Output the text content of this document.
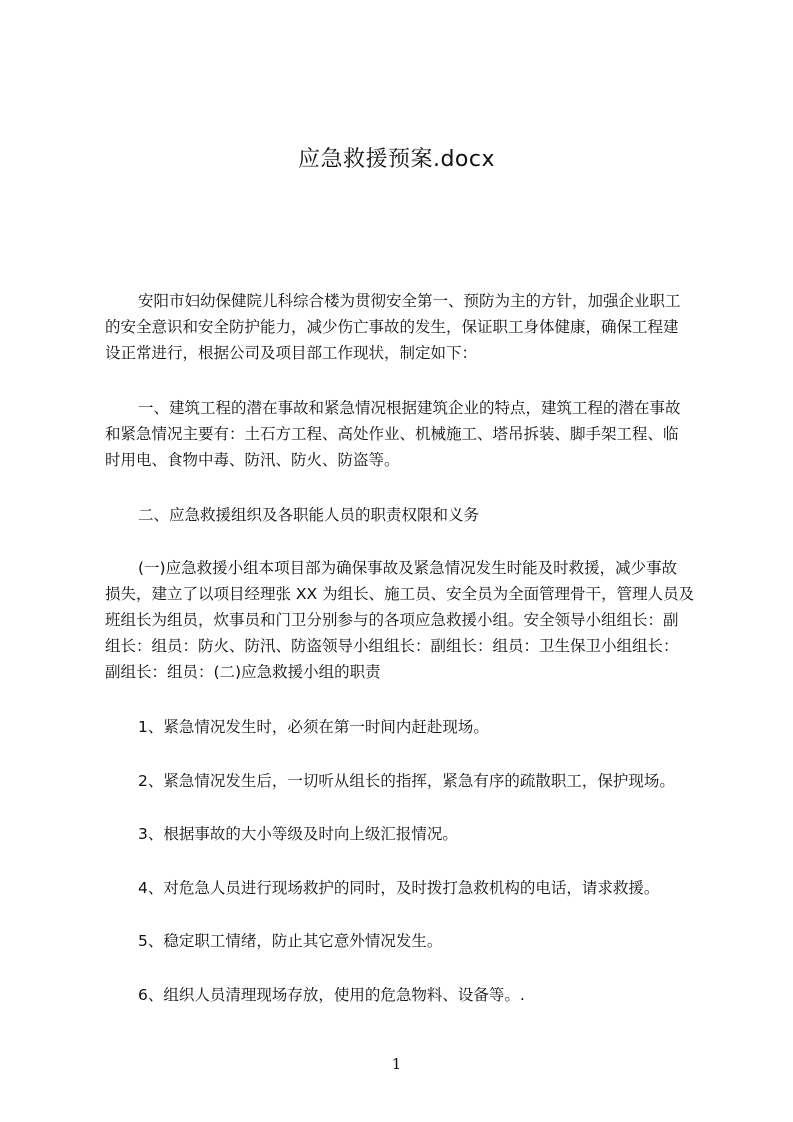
应急救援预案.docx

安阳市妇幼保健院儿科综合楼为贯彻安全第一、预防为主的方针，加强企业职工
的安全意识和安全防护能力，减少伤亡事故的发生，保证职工身体健康，确保工程建
设正常进行，根据公司及项目部工作现状，制定如下：

一、建筑工程的潜在事故和紧急情况根据建筑企业的特点，建筑工程的潜在事故
和紧急情况主要有：土石方工程、高处作业、机械施工、塔吊拆装、脚手架工程、临
时用电、食物中毒、防汛、防火、防盗等。

二、应急救援组织及各职能人员的职责权限和义务

(一)应急救援小组本项目部为确保事故及紧急情况发生时能及时救援，减少事故
损失，建立了以项目经理张 XX 为组长、施工员、安全员为全面管理骨干，管理人员及
班组长为组员，炊事员和门卫分别参与的各项应急救援小组。安全领导小组组长：副
组长：组员：防火、防汛、防盗领导小组组长：副组长：组员：卫生保卫小组组长：
副组长：组员：(二)应急救援小组的职责

1、紧急情况发生时，必须在第一时间内赶赴现场。

2、紧急情况发生后，一切听从组长的指挥，紧急有序的疏散职工，保护现场。

3、根据事故的大小等级及时向上级汇报情况。

4、对危急人员进行现场救护的同时，及时拨打急救机构的电话，请求救援。

5、稳定职工情绪，防止其它意外情况发生。

6、组织人员清理现场存放，使用的危急物料、设备等。.

1
